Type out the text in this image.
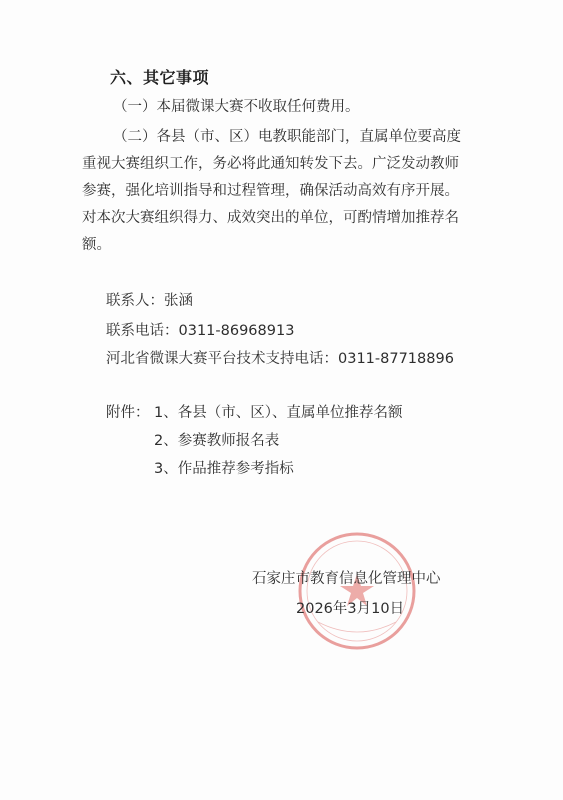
六、其它事项
（一）本届微课大赛不收取任何费用。
（二）各县（市、区）电教职能部门，直属单位要高度
重视大赛组织工作，务必将此通知转发下去。广泛发动教师
参赛，强化培训指导和过程管理，确保活动高效有序开展。
对本次大赛组织得力、成效突出的单位，可酌情增加推荐名
额。
联系人：张涵
联系电话：0311-86968913
河北省微课大赛平台技术支持电话：0311-87718896
附件： 1、各县（市、区）、直属单位推荐名额
2、参赛教师报名表
3、作品推荐参考指标
石家庄市教育信息化管理中心
2026年3月10日
